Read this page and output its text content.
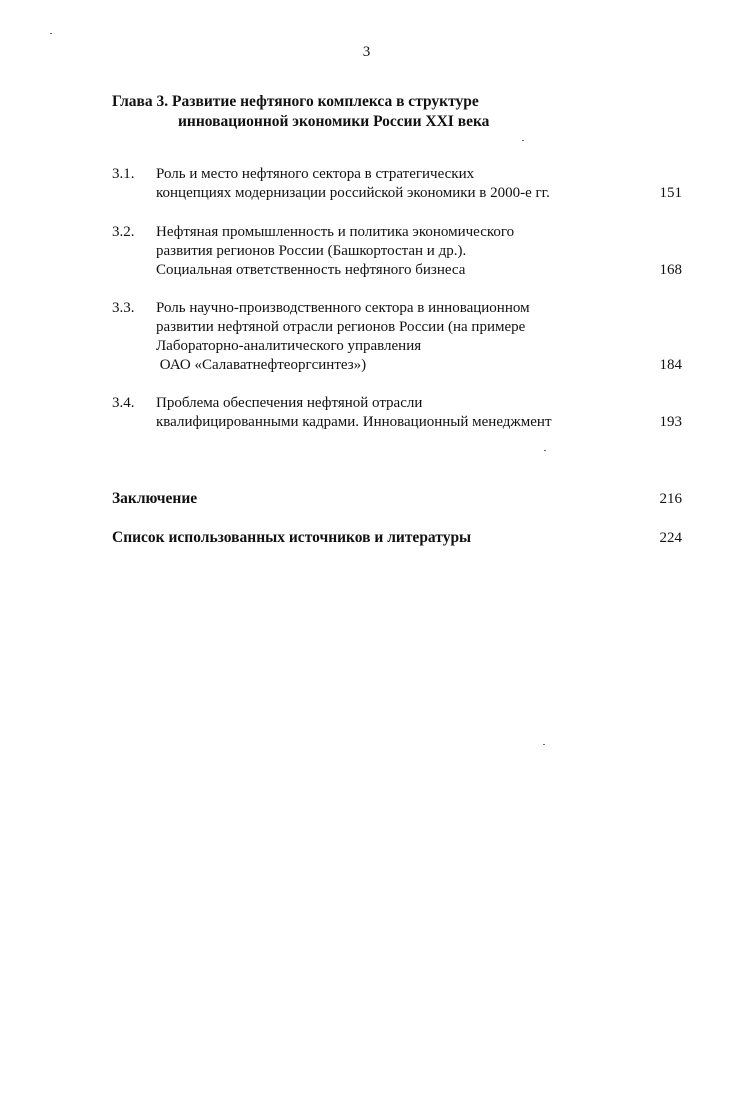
3
Глава 3. Развитие нефтяного комплекса в структуре
инновационной экономики России XXI века
3.1. Роль и место нефтяного сектора в стратегических
концепциях модернизации российской экономики в 2000-е гг.	151
3.2. Нефтяная промышленность и политика экономического
развития регионов России (Башкортостан и др.).
Социальная ответственность нефтяного бизнеса	168
3.3. Роль научно-производственного сектора в инновационном
развитии нефтяной отрасли регионов России (на примере
Лабораторно-аналитического управления
ОАО «Салаватнефтеоргсинтез»)	184
3.4. Проблема обеспечения нефтяной отрасли
квалифицированными кадрами. Инновационный менеджмент	193
Заключение	216
Список использованных источников и литературы	224
